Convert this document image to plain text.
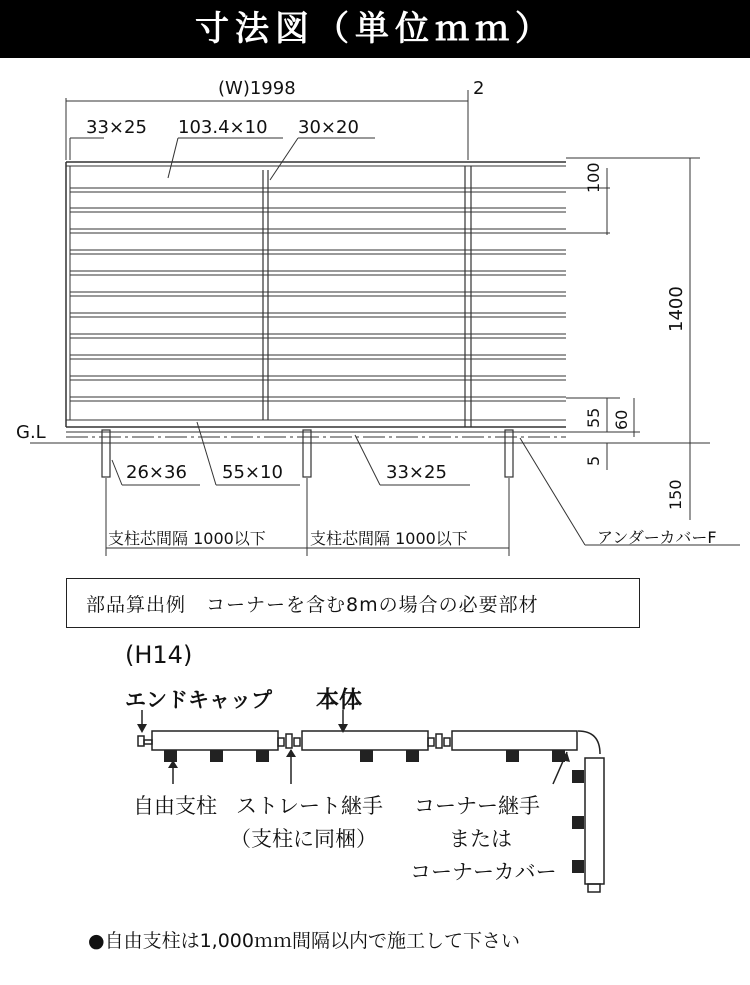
寸法図（単位ｍｍ）
(W)1998	2
33×25 103.4×10 30×20
100
1400
55 60
5
150
G.L
26×36 55×10	33×25
支柱芯間隔 1000以下	支柱芯間隔 1000以下	アンダーカバーF
部品算出例　コーナーを含む8mの場合の必要部材
(H14)
エンドキャップ 本体
自由支柱 ストレート継手
（支柱に同梱）
コーナー継手
または
コーナーカバー
●自由支柱は1,000ｍｍ間隔以内で施工して下さい
